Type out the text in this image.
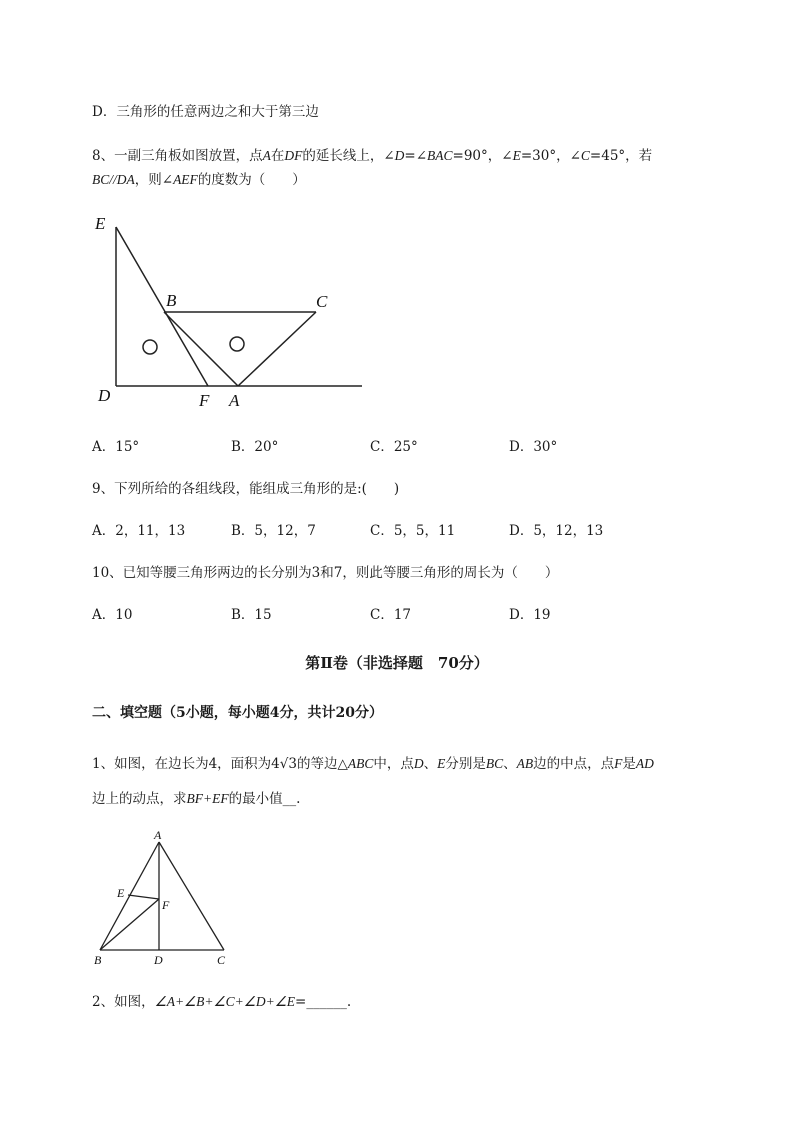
D．三角形的任意两边之和大于第三边
8、一副三角板如图放置，点A在DF的延长线上，∠D=∠BAC=90°，∠E=30°，∠C=45°，若
BC//DA，则∠AEF的度数为（　　）
E
B	C
D	F A
A．15°	B．20°	C．25°	D．30°
9、下列所给的各组线段，能组成三角形的是:(　　)
A．2，11，13	B．5，12，7	C．5，5，11	D．5，12，13
10、已知等腰三角形两边的长分别为3和7，则此等腰三角形的周长为（　　）
A．10	B．15	C．17	D．19
第Ⅱ卷（非选择题　70分）
二、填空题（5小题，每小题4分，共计20分）
1、如图，在边长为4，面积为4√3的等边△ABC中，点D、E分别是BC、AB边的中点，点F是AD
边上的动点，求BF+EF的最小值__.
A
E
F
B	D	C
2、如图，∠A+∠B+∠C+∠D+∠E=______.
